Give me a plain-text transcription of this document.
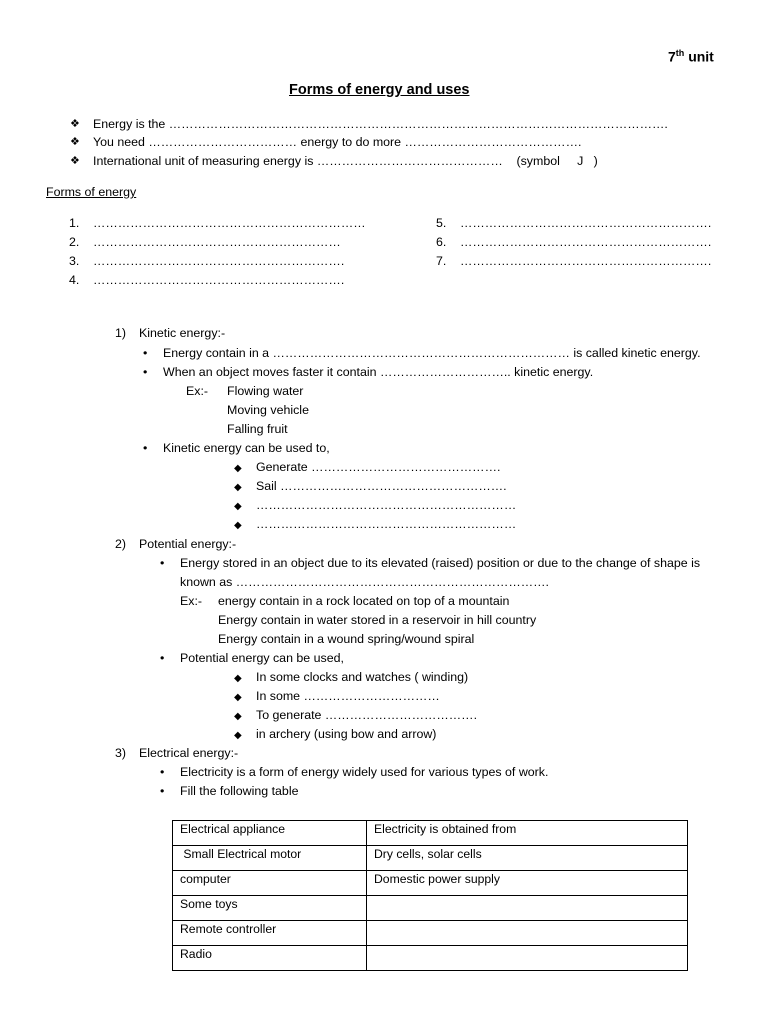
7th unit
Forms of energy and uses
❖ Energy is the ………………………………………………………………………………………………………….
❖ You need ……………………………… energy to do more …………………………………….
❖ International unit of measuring energy is ………………………………………    (symbol     J   )
Forms of energy
1. …………………………………………………………
2. ……………………………………………………
3. …………………………………………………….
4. …………………………………………………….
5. …………………………………………………….
6. …………………………………………………….
7. …………………………………………………….
1) Kinetic energy:-
• Energy contain in a ……………………………………………………………… is called kinetic energy.
• When an object moves faster it contain ………………………….. kinetic energy.
Ex:- Flowing water
Moving vehicle
Falling fruit
• Kinetic energy can be used to,
◆ Generate ……………………………………….
◆ Sail ……………………………………………….
◆ ………………………………………………………
◆ ………………………………………………………
2) Potential energy:-
• Energy stored in an object due to its elevated (raised) position or due to the change of shape is
known as ………………………………………………………………….
Ex:- energy contain in a rock located on top of a mountain
Energy contain in water stored in a reservoir in hill country
Energy contain in a wound spring/wound spiral
• Potential energy can be used,
◆ In some clocks and watches ( winding)
◆ In some ……………………………
◆ To generate ……………………………….
◆ in archery (using bow and arrow)
3) Electrical energy:-
• Electricity is a form of energy widely used for various types of work.
• Fill the following table
Electrical appliance	Electricity is obtained from
Small Electrical motor	Dry cells, solar cells
computer	Domestic power supply
Some toys	
Remote controller	
Radio	
